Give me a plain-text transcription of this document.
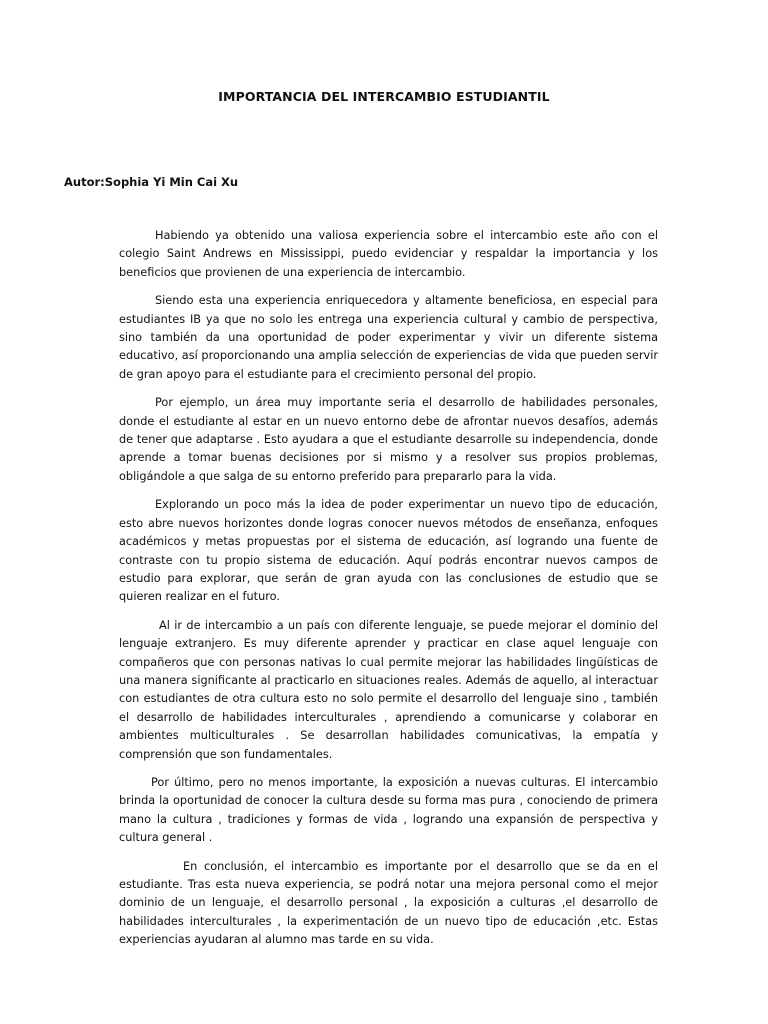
IMPORTANCIA DEL INTERCAMBIO ESTUDIANTIL
Autor:Sophia Yi Min Cai Xu

Habiendo ya obtenido una valiosa experiencia sobre el intercambio este año con el colegio Saint Andrews en Mississippi, puedo evidenciar y respaldar la importancia y los beneficios que provienen de una experiencia de intercambio.

Siendo esta una experiencia enriquecedora y altamente beneficiosa, en especial para estudiantes IB ya que no solo les entrega una experiencia cultural y cambio de perspectiva, sino también da una oportunidad de poder experimentar y vivir un diferente sistema educativo, así proporcionando una amplia selección de experiencias de vida que pueden servir de gran apoyo para el estudiante para el crecimiento personal del propio.

Por ejemplo, un área muy importante seria el desarrollo de habilidades personales, donde el estudiante al estar en un nuevo entorno debe de afrontar nuevos desafíos, además de tener que adaptarse . Esto ayudara a que el estudiante desarrolle su independencia, donde aprende a tomar buenas decisiones por si mismo y a resolver sus propios problemas, obligándole a que salga de su entorno preferido para prepararlo para la vida.

Explorando un poco más la idea de poder experimentar un nuevo tipo de educación, esto abre nuevos horizontes donde logras conocer nuevos métodos de enseñanza, enfoques académicos y metas propuestas por el sistema de educación, así logrando una fuente de contraste con tu propio sistema de educación. Aquí podrás encontrar nuevos campos de estudio para explorar, que serán de gran ayuda con las conclusiones de estudio que se quieren realizar en el futuro.

Al ir de intercambio a un país con diferente lenguaje, se puede mejorar el dominio del lenguaje extranjero. Es muy diferente aprender y practicar en clase aquel lenguaje con compañeros que con personas nativas lo cual permite mejorar las habilidades lingüísticas de una manera significante al practicarlo en situaciones reales. Además de aquello, al interactuar con estudiantes de otra cultura esto no solo permite el desarrollo del lenguaje sino , también el desarrollo de habilidades interculturales , aprendiendo a comunicarse y colaborar en ambientes multiculturales . Se desarrollan habilidades comunicativas, la empatía y comprensión que son fundamentales.

Por último, pero no menos importante, la exposición a nuevas culturas. El intercambio brinda la oportunidad de conocer la cultura desde su forma mas pura , conociendo de primera mano la cultura , tradiciones y formas de vida , logrando una expansión de perspectiva y cultura general .

En conclusión, el intercambio es importante por el desarrollo que se da en el estudiante. Tras esta nueva experiencia, se podrá notar una mejora personal como el mejor dominio de un lenguaje, el desarrollo personal , la exposición a culturas ,el desarrollo de habilidades interculturales , la experimentación de un nuevo tipo de educación ,etc. Estas experiencias ayudaran al alumno mas tarde en su vida.
